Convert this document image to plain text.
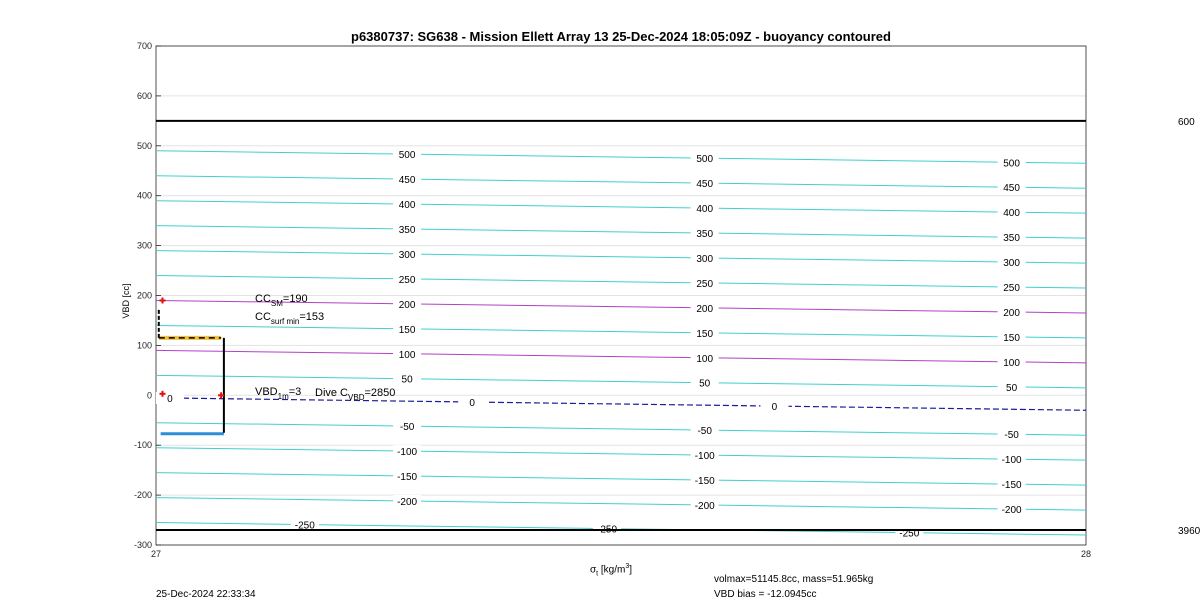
p6380737: SG638 - Mission Ellett Array 13 25-Dec-2024 18:05:09Z - buoyancy contoured
700
600
500
400
300
200
100
0
-100
-200
-300
27	28
500	500	500
450	450	450
400	400	400
350	350	350
300	300	300
250	250	250
200	200	200
150	150	150
100	100	100
50	50	50
0	0	0
-50	-50	-50
-100	-100	-100
-150	-150	-150
-200	-200	-200
-250	-250	-250
600
3960
$CC_{SM}=190$
$CC_{surf min}=153$
$VBD_{1m}=3$ Dive $C_{VBD}=2850$
VBD [cc]
$\sigma_t$ $[kg/m^3]$
25-Dec-2024 22:33:34
volmax=51145.8cc, mass=51.965kg
VBD bias = -12.0945cc
